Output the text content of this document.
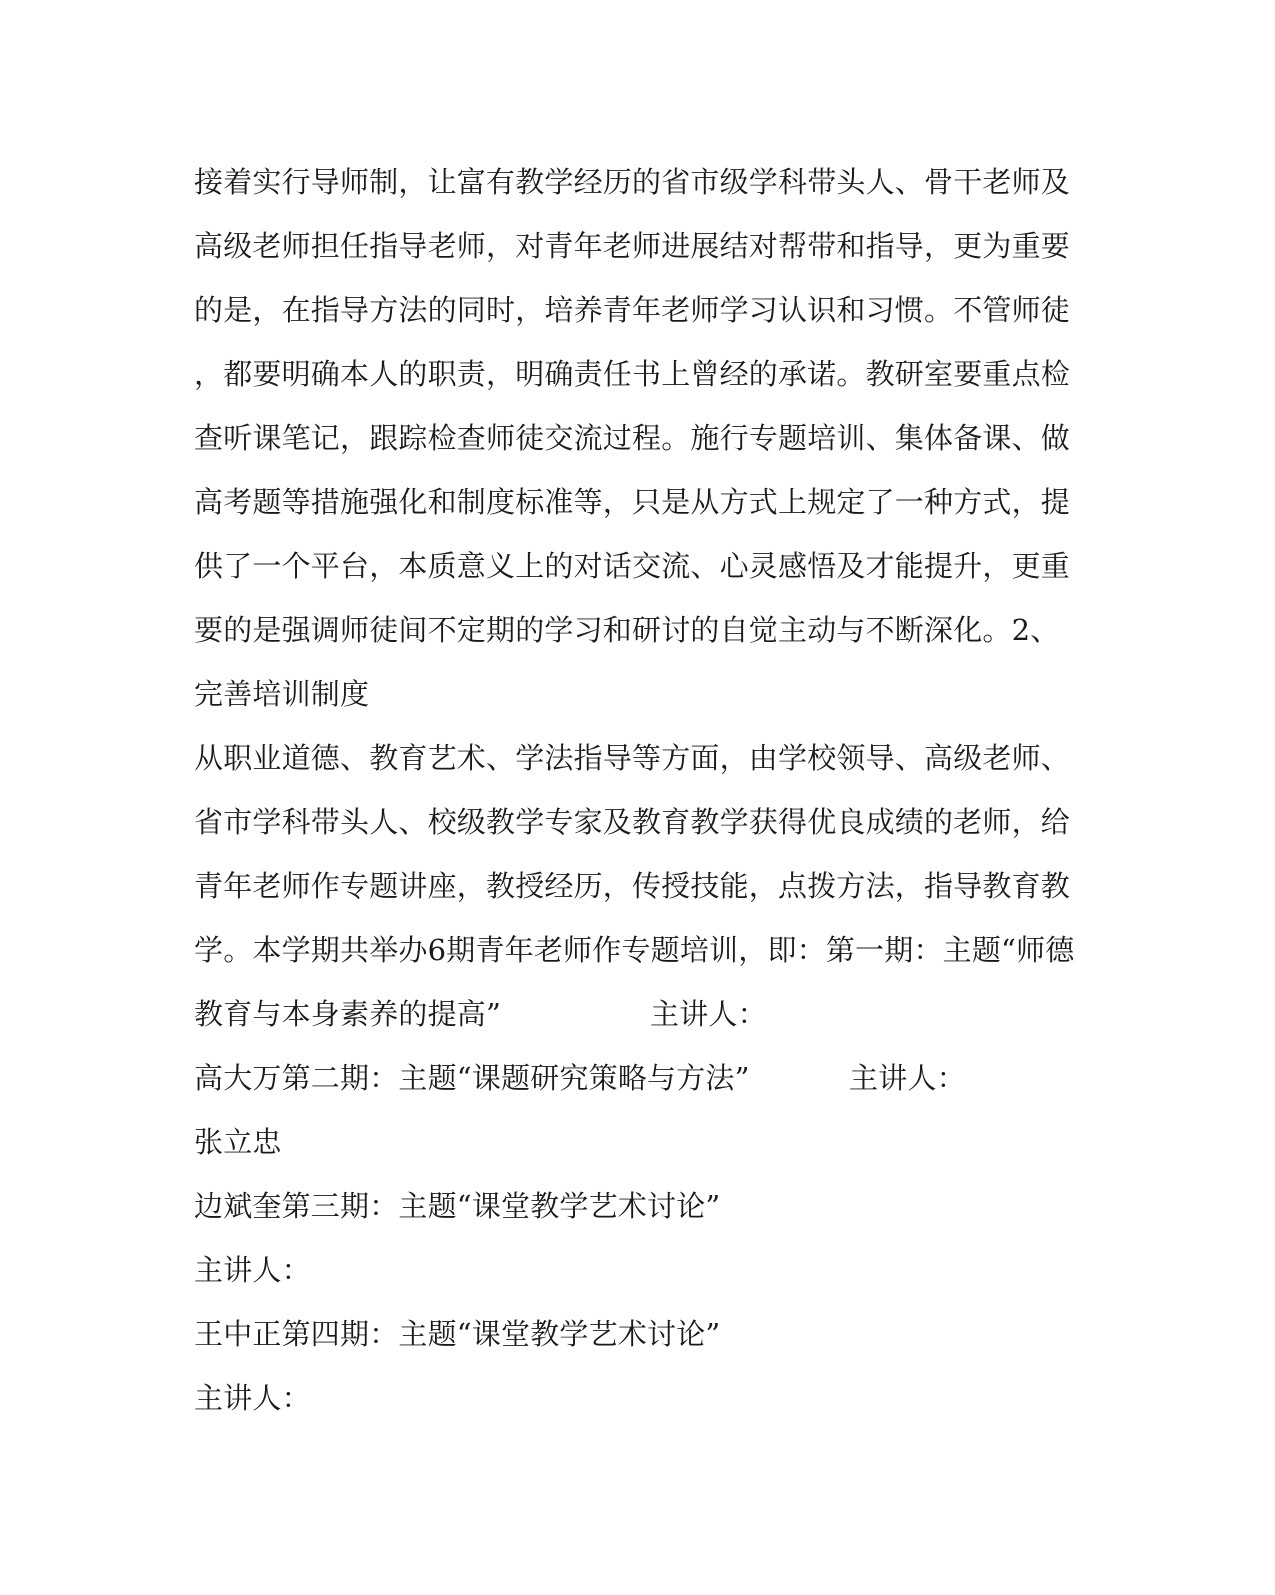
接着实行导师制，让富有教学经历的省市级学科带头人、骨干老师及
高级老师担任指导老师，对青年老师进展结对帮带和指导，更为重要
的是，在指导方法的同时，培养青年老师学习认识和习惯。不管师徒
，都要明确本人的职责，明确责任书上曾经的承诺。教研室要重点检
查听课笔记，跟踪检查师徒交流过程。施行专题培训、集体备课、做
高考题等措施强化和制度标准等，只是从方式上规定了一种方式，提
供了一个平台，本质意义上的对话交流、心灵感悟及才能提升，更重
要的是强调师徒间不定期的学习和研讨的自觉主动与不断深化。2、
完善培训制度
从职业道德、教育艺术、学法指导等方面，由学校领导、高级老师、
省市学科带头人、校级教学专家及教育教学获得优良成绩的老师，给
青年老师作专题讲座，教授经历，传授技能，点拨方法，指导教育教
学。本学期共举办6期青年老师作专题培训，即：第一期：主题“师德
教育与本身素养的提高”	主讲人：
高大万第二期：主题“课题研究策略与方法”	主讲人：
张立忠
边斌奎第三期：主题“课堂教学艺术讨论”
主讲人：
王中正第四期：主题“课堂教学艺术讨论”
主讲人：
